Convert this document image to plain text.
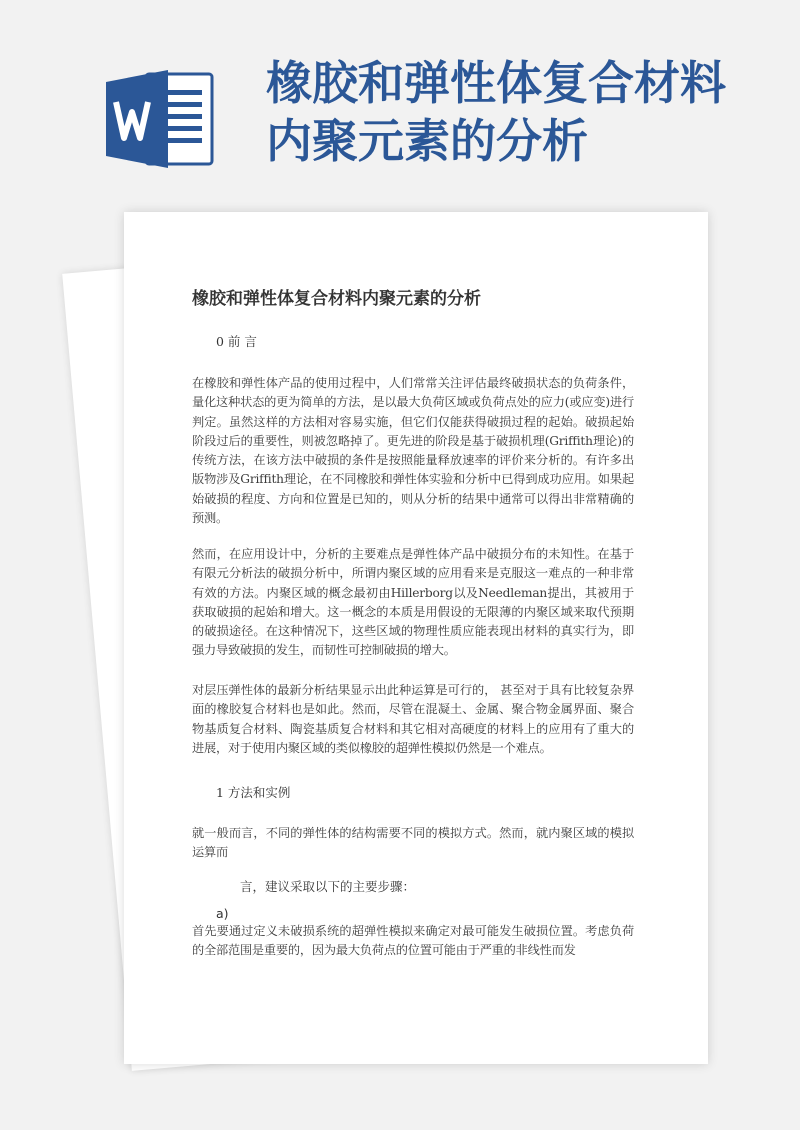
橡胶和弹性体复合材料
内聚元素的分析
橡胶和弹性体复合材料内聚元素的分析

0 前 言

在橡胶和弹性体产品的使用过程中，人们常常关注评估最终破损状态的负荷条件，量化这种状态的更为简单的方法，是以最大负荷区域或负荷点处的应力(或应变)进行判定。虽然这样的方法相对容易实施，但它们仅能获得破损过程的起始。破损起始阶段过后的重要性，则被忽略掉了。更先进的阶段是基于破损机理(Griffith理论)的传统方法，在该方法中破损的条件是按照能量释放速率的评价来分析的。有许多出版物涉及Griffith理论，在不同橡胶和弹性体实验和分析中已得到成功应用。如果起始破损的程度、方向和位置是已知的，则从分析的结果中通常可以得出非常精确的预测。

然而，在应用设计中，分析的主要难点是弹性体产品中破损分布的未知性。在基于有限元分析法的破损分析中，所谓内聚区域的应用看来是克服这一难点的一种非常有效的方法。内聚区域的概念最初由Hillerborg以及Needleman提出，其被用于获取破损的起始和增大。这一概念的本质是用假设的无限薄的内聚区域来取代预期的破损途径。在这种情况下，这些区域的物理性质应能表现出材料的真实行为，即强力导致破损的发生，而韧性可控制破损的增大。

对层压弹性体的最新分析结果显示出此种运算是可行的， 甚至对于具有比较复杂界面的橡胶复合材料也是如此。然而，尽管在混凝土、金属、聚合物金属界面、聚合物基质复合材料、陶瓷基质复合材料和其它相对高硬度的材料上的应用有了重大的进展，对于使用内聚区域的类似橡胶的超弹性模拟仍然是一个难点。

1 方法和实例

就一般而言，不同的弹性体的结构需要不同的模拟方式。然而，就内聚区域的模拟运算而

言，建议采取以下的主要步骤：

a)

首先要通过定义未破损系统的超弹性模拟来确定对最可能发生破损位置。考虑负荷的全部范围是重要的，因为最大负荷点的位置可能由于严重的非线性而发
